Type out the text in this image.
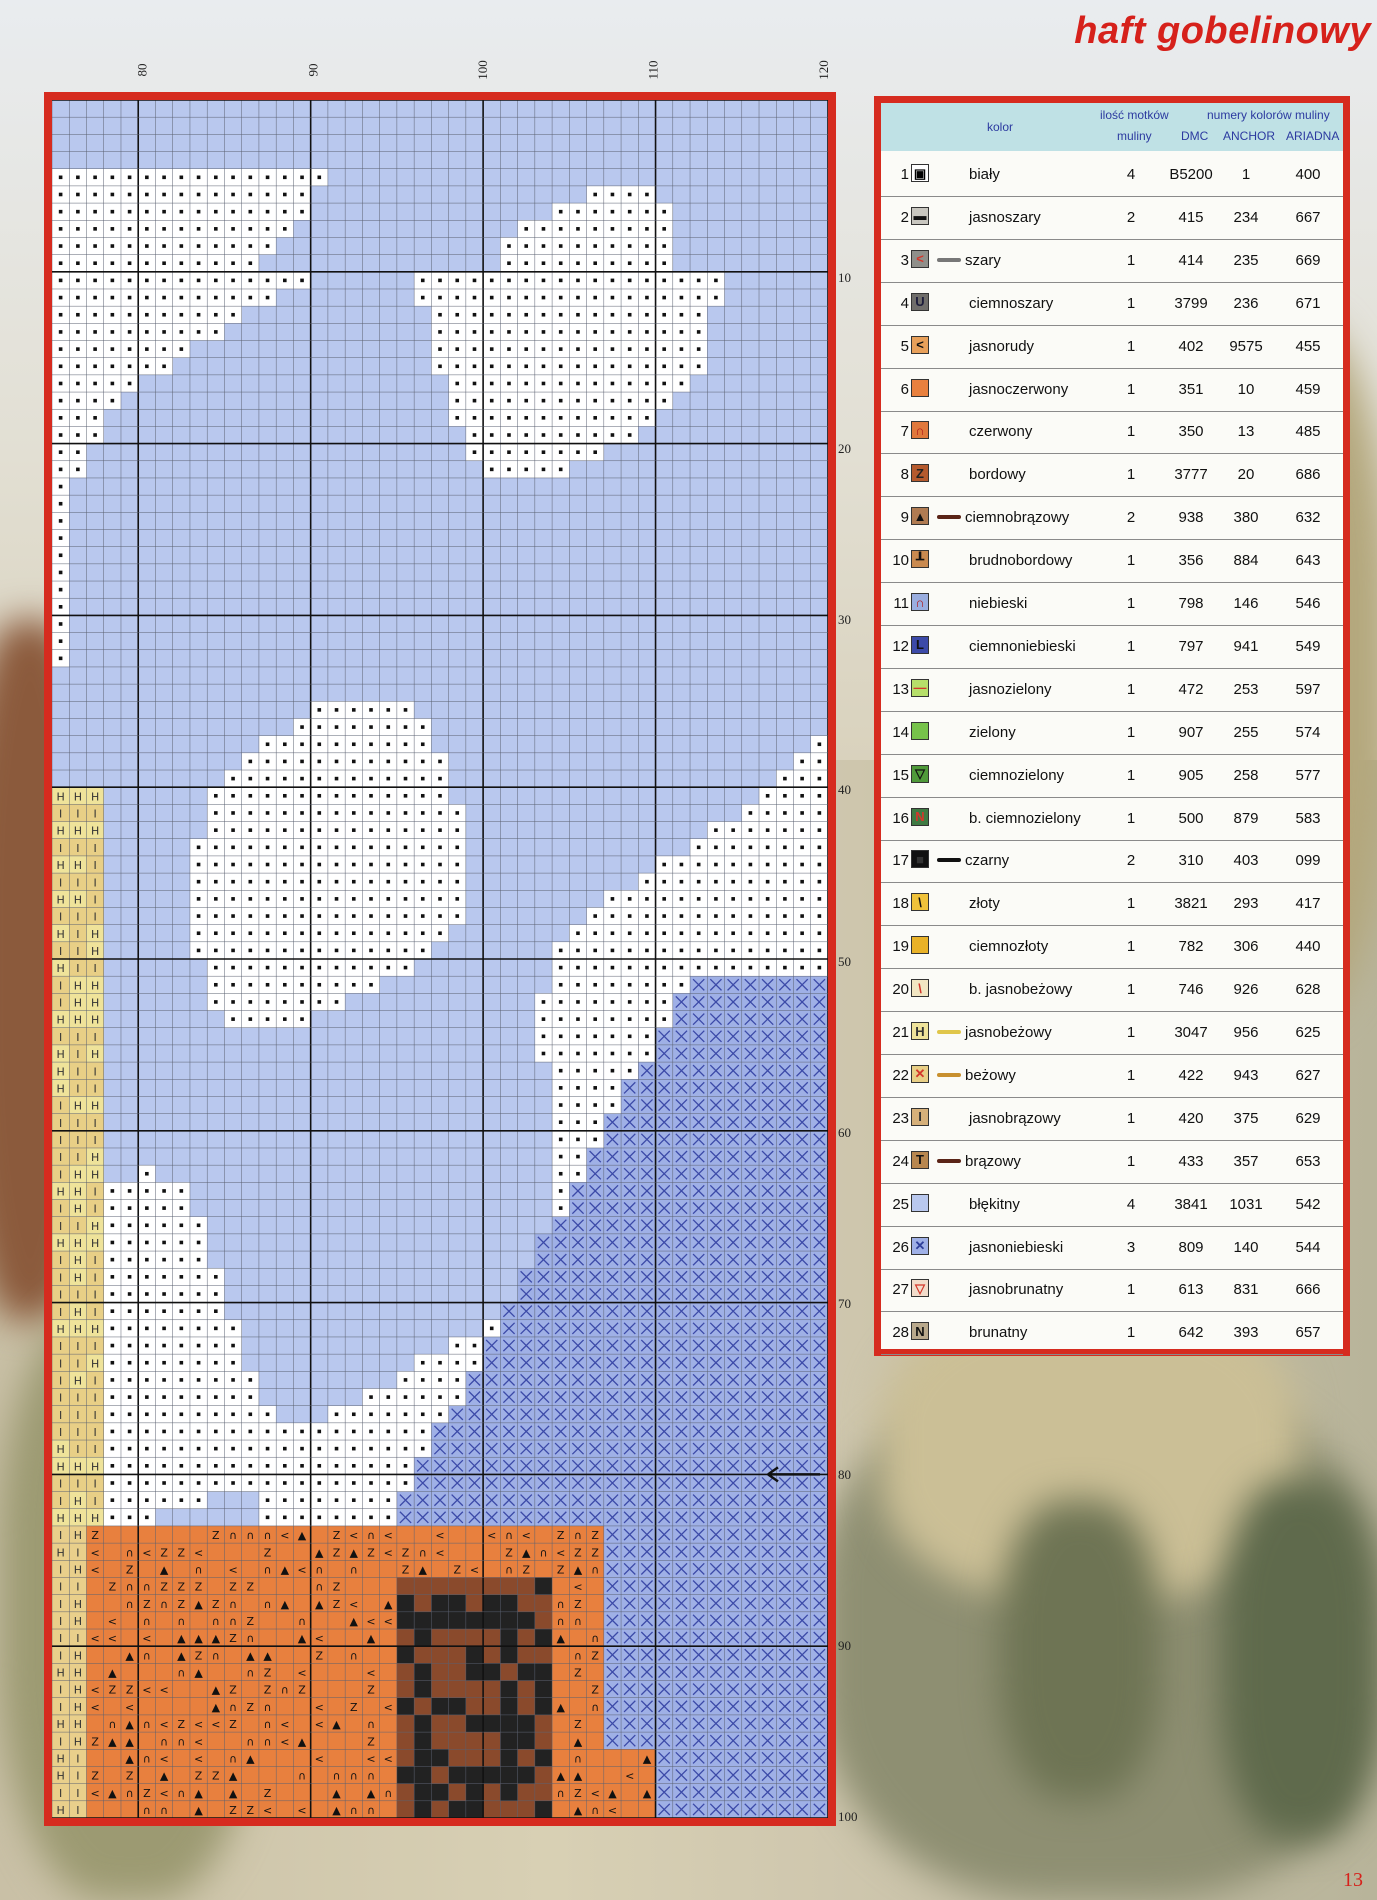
haft gobelinowy
13
80	90	100	110	120
H H H
I I I
H H H
I I I
H H I
I I I
H H I
I I I
H I H
I I H
H I I
I H H
I H H
H H H
I I I
H I H
H I I
H I I
I H H
I I I
I I I
I I H
I H H
H H I
I H I
I I H
H H H
I H I
I H I
I I I
I H I
H H H
I I I
I I H
I H I
I I I
I I I
I I I
H I I
H H H
I I I
I H I
H H H
I H Z	Z ∩ ∩ ∩ < ▲ Z < ∩ <	<	< ∩ < Z ∩ Z
H I < ∩ < Z Z <	Z	▲ Z ▲ Z < Z ∩ <	Z ▲ ∩ < Z Z
I H < Z ▲ ∩ < ∩ ▲ < ∩ ∩	Z ▲ Z < ∩ Z Z ▲ ∩
I I	Z ∩ ∩ Z Z Z Z Z	∩ Z	<
I H	∩ Z ∩ Z ▲ Z ∩ ∩ ▲ ▲ Z < ▲	∩ Z
I H < ∩ ∩ ∩ ∩ Z	∩	▲ < <	∩ ∩
I I < < < ▲ ▲ ▲ Z ∩	▲ <	▲	▲ ∩
I H	▲ ∩ ▲ Z ∩ ▲ ▲	Z ∩	∩ Z
H H ▲	∩ ▲	∩ Z <	<	Z
I H < Z Z < <	▲ Z Z ∩ Z	Z	Z
I H < <	▲ ∩ Z ∩	< Z <	▲ ∩
H H ∩ ▲ ∩ < Z < < Z ∩ < < ▲ ∩	Z
I H Z ▲ ▲ ∩ ∩ <	∩ ∩ < ▲	Z	▲
H I	▲ ∩ < < ∩ ▲	<	< <	∩	▲
H I Z Z ▲ Z Z ▲	∩ ∩ ∩ ∩	▲ ▲	<
I I < ▲ ∩ Z < ∩ ▲ ▲ Z	▲ ▲ ∩	∩ Z < ▲ ▲
H I	∩ ∩ ▲ Z Z < < ▲ ∩ ∩	▲ ∩ <
10
20
30
40
50
60
70
80
90
100
kolor
ilość motków
muliny
numery kolorów muliny
DMC ANCHOR ARIADNA
1 ▣	biały	4	B5200	1	400
2 ▬	jasnoszary	2	415	234	667
3 <	szary	1	414	235	669
4 U	ciemnoszary	1	3799	236	671
5 <	jasnorudy	1	402	9575	455
6	jasnoczerwony	1	351	10	459
7 ∩	czerwony	1	350	13	485
8 Z	bordowy	1	3777	20	686
9 ▲	ciemnobrązowy	2	938	380	632
10 ┸	brudnobordowy	1	356	884	643
11 ∩	niebieski	1	798	146	546
12 L	ciemnoniebieski	1	797	941	549
13 —	jasnozielony	1	472	253	597
14	zielony	1	907	255	574
15 ▽	ciemnozielony	1	905	258	577
16 N	b. ciemnozielony	1	500	879	583
17 ■	czarny	2	310	403	099
18 \	złoty	1	3821	293	417
19	ciemnozłoty	1	782	306	440
20 \	b. jasnobeżowy	1	746	926	628
21 H	jasnobeżowy	1	3047	956	625
22 ✕	beżowy	1	422	943	627
23 I	jasnobrązowy	1	420	375	629
24 T	brązowy	1	433	357	653
25	błękitny	4	3841	1031	542
26 ✕	jasnoniebieski	3	809	140	544
27 ▽	jasnobrunatny	1	613	831	666
28 N	brunatny	1	642	393	657
